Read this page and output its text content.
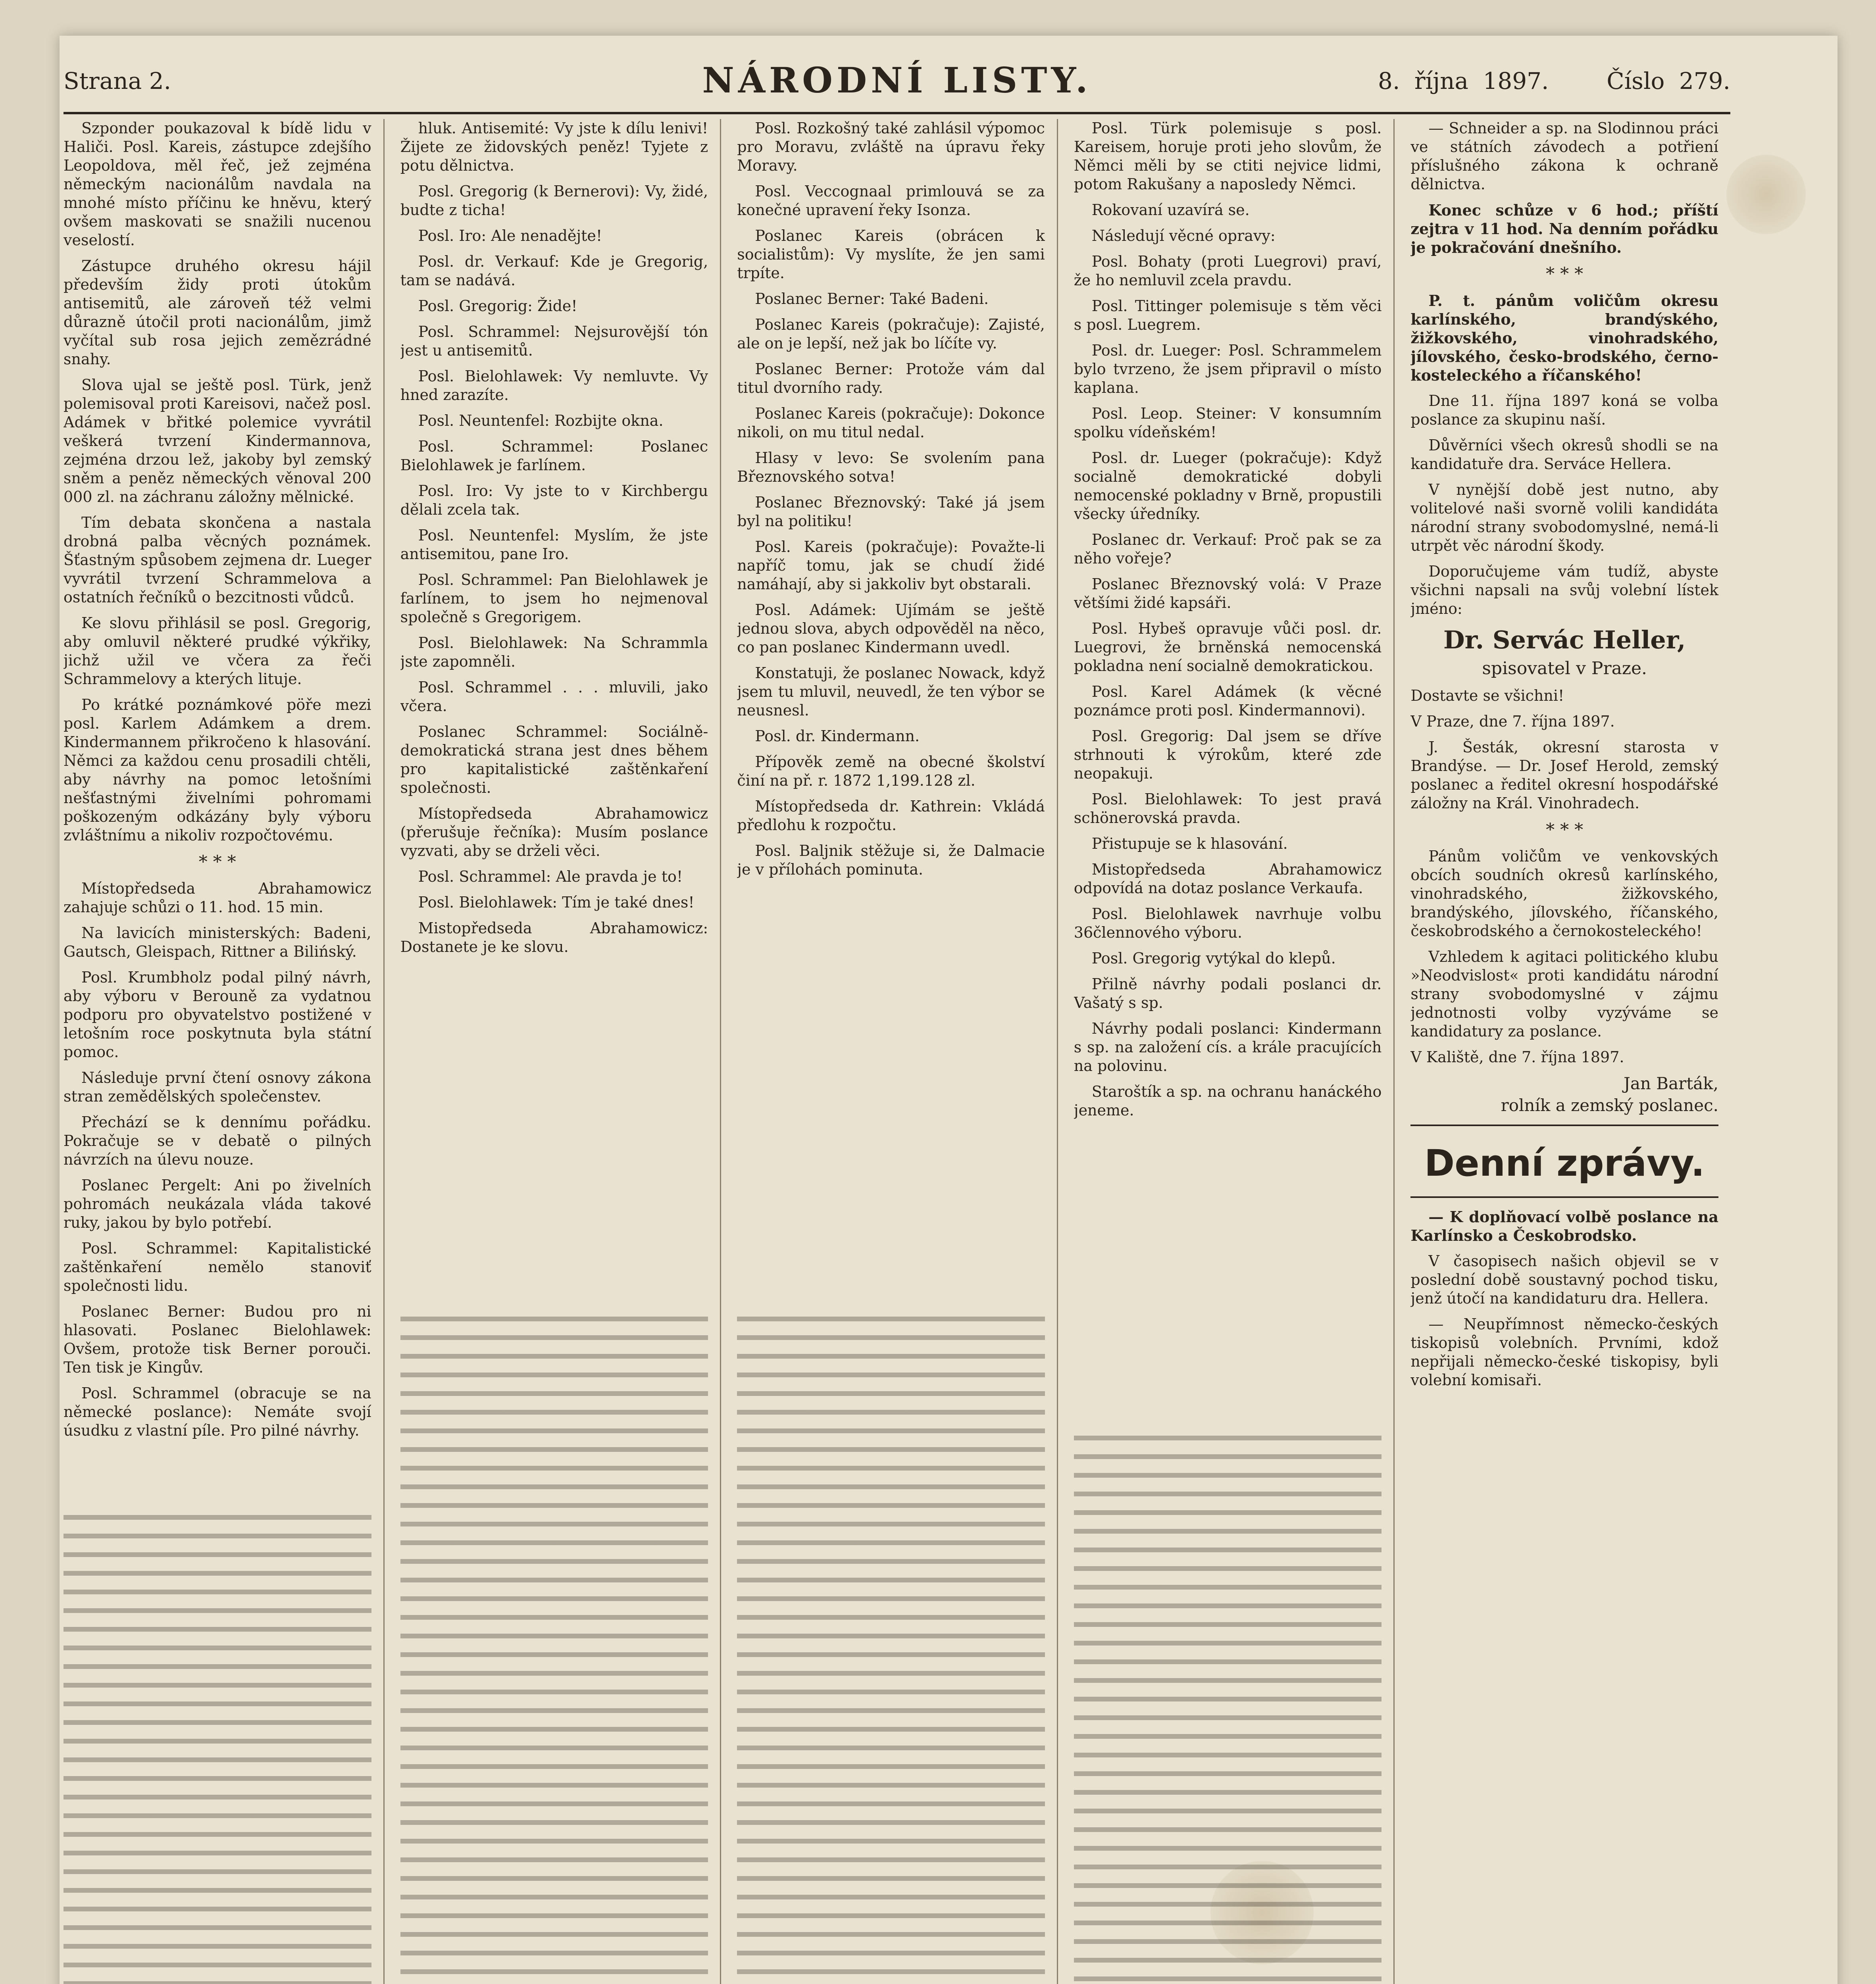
Strana 2.	NÁRODNÍ LISTY.	8. října 1897.	Číslo 279.

Szponder poukazoval k bídě lidu v Haliči. Posl. Kareis, zástupce zdejšího Leopoldova, měl řeč, jež zejména německým nacionálům navdala na mnohé místo příčinu ke hněvu, který ovšem maskovati se snažili nucenou veselostí.

Zástupce druhého okresu hájil především židy proti útokům antisemitů, ale zároveň též velmi důrazně útočil proti nacionálům, jimž vyčítal sub rosa jejich zemězrádné snahy.

Slova ujal se ještě posl. Türk, jenž polemisoval proti Kareisovi, načež posl. Adámek v břitké polemice vyvrátil veškerá tvrzení Kindermannova, zejména drzou lež, jakoby byl zemský sněm a peněz německých věnoval 200 000 zl. na záchranu záložny mělnické.

Tím debata skončena a nastala drobná palba věcných poznámek. Šťastným spůsobem zejmena dr. Lueger vyvrátil tvrzení Schrammelova a ostatních řečníků o bezcitnosti vůdců.

Ke slovu přihlásil se posl. Gregorig, aby omluvil některé prudké výkřiky, jichž užil ve včera za řeči Schrammelovy a kterých lituje.

Po krátké poznámkové pöře mezi posl. Karlem Adámkem a drem. Kindermannem přikročeno k hlasování. Němci za každou cenu prosadili chtěli, aby návrhy na pomoc letošními nešťastnými živelními pohromami poškozeným odkázány byly výboru zvláštnímu a nikoliv rozpočtovému.

* * *

Místopředseda Abrahamowicz zahajuje schůzi o 11. hod. 15 min.

Na lavicích ministerských: Badeni, Gautsch, Gleispach, Rittner a Bilińský.

Posl. Krumbholz podal pilný návrh, aby výboru v Berouně za vydatnou podporu pro obyvatelstvo postižené v letošním roce poskytnuta byla státní pomoc.

Následuje první čtení osnovy zákona stran zemědělských společenstev.

Přechází se k dennímu pořádku. Pokračuje se v debatě o pilných návrzích na úlevu nouze.

Poslanec Pergelt: Ani po živelních pohromách neukázala vláda takové ruky, jakou by bylo potřebí.

Posl. Schrammel: Kapitalistické zaštěnkaření nemělo stanoviť společnosti lidu.

Poslanec Berner: Budou pro ni hlasovati. Poslanec Bielohlawek: Ovšem, protože tisk Berner porouči. Ten tisk je Kingův.

Posl. Schrammel (obracuje se na německé poslance): Nemáte svojí úsudku z vlastní píle. Pro pilné návrhy.

hluk. Antisemité: Vy jste k dílu lenivi! Žijete ze židovských peněz! Tyjete z potu dělnictva.

Posl. Gregorig (k Bernerovi): Vy, židé, budte z ticha!

Posl. Iro: Ale nenadějte!

Posl. dr. Verkauf: Kde je Gregorig, tam se nadává.

Posl. Gregorig: Žide!

Posl. Schrammel: Nejsurovější tón jest u antisemitů.

Posl. Bielohlawek: Vy nemluvte. Vy hned zarazíte.

Posl. Neuntenfel: Rozbijte okna.

Posl. Schrammel: Poslanec Bielohlawek je farlínem.

Posl. Iro: Vy jste to v Kirchbergu dělali zcela tak.

Posl. Neuntenfel: Myslím, že jste antisemitou, pane Iro.

Posl. Schrammel: Pan Bielohlawek je farlínem, to jsem ho nejmenoval společně s Gregorigem.

Posl. Bielohlawek: Na Schrammla jste zapomněli.

Posl. Schrammel . . . mluvili, jako včera.

Poslanec Schrammel: Sociálně-demokratická strana jest dnes během pro kapitalistické zaštěnkaření společnosti.

Místopředseda Abrahamowicz (přerušuje řečníka): Musím poslance vyzvati, aby se drželi věci.

Posl. Schrammel: Ale pravda je to!

Posl. Bielohlawek: Tím je také dnes!

Mistopředseda Abrahamowicz: Dostanete je ke slovu.

Posl. Rozkošný také zahlásil výpomoc pro Moravu, zvláště na úpravu řeky Moravy.

Posl. Veccognaal primlouvá se za konečné upravení řeky Isonza.

Poslanec Kareis (obrácen k socialistům): Vy myslíte, že jen sami trpíte.

Poslanec Berner: Také Badeni.

Poslanec Kareis (pokračuje): Zajisté, ale on je lepší, než jak bo líčíte vy.

Poslanec Berner: Protože vám dal titul dvorního rady.

Poslanec Kareis (pokračuje): Dokonce nikoli, on mu titul nedal.

Hlasy v levo: Se svolením pana Březnovského sotva!

Poslanec Březnovský: Také já jsem byl na politiku!

Posl. Kareis (pokračuje): Považte-li napříč tomu, jak se chudí židé namáhají, aby si jakkoliv byt obstarali.

Posl. Adámek: Ujímám se ještě jednou slova, abych odpověděl na něco, co pan poslanec Kindermann uvedl.

Konstatuji, že poslanec Nowack, když jsem tu mluvil, neuvedl, že ten výbor se neusnesl.

Posl. dr. Kindermann.

Přípověk země na obecné školství činí na př. r. 1872 1,199.128 zl.

Místopředseda dr. Kathrein: Vkládá předlohu k rozpočtu.

Posl. Baljnik stěžuje si, že Dalmacie je v přílohách pominuta.

Posl. Türk polemisuje s posl. Kareisem, horuje proti jeho slovům, že Němci měli by se ctiti nejvice lidmi, potom Rakušany a naposledy Němci.

Rokovaní uzavírá se.

Následují věcné opravy:

Posl. Bohaty (proti Luegrovi) praví, že ho nemluvil zcela pravdu.

Posl. Tittinger polemisuje s těm věci s posl. Luegrem.

Posl. dr. Lueger: Posl. Schrammelem bylo tvrzeno, že jsem připravil o místo kaplana.

Posl. Leop. Steiner: V konsumním spolku vídeňském!

Posl. dr. Lueger (pokračuje): Když socialně demokratické dobyli nemocenské pokladny v Brně, propustili všecky úředníky.

Poslanec dr. Verkauf: Proč pak se za něho vořeje?

Poslanec Březnovský volá: V Praze většími židé kapsáři.

Posl. Hybeš opravuje vůči posl. dr. Luegrovi, že brněnská nemocenská pokladna není socialně demokratickou.

Posl. Karel Adámek (k věcné poznámce proti posl. Kindermannovi).

Posl. Gregorig: Dal jsem se dříve strhnouti k výrokům, které zde neopakuji.

Posl. Bielohlawek: To jest pravá schönerovská pravda.

Přistupuje se k hlasování.

Mistopředseda Abrahamowicz odpovídá na dotaz poslance Verkaufa.

Posl. Bielohlawek navrhuje volbu 36člennového výboru.

Posl. Gregorig vytýkal do klepů.

Přilně návrhy podali poslanci dr. Vašatý s sp.

Návrhy podali poslanci: Kindermann s sp. na založení cís. a krále pracujících na polovinu.

Staroštík a sp. na ochranu hanáckého jeneme.

— Schneider a sp. na Slodinnou práci ve státních závodech a potřiení příslušného zákona k ochraně dělnictva.

Konec schůze v 6 hod.; příští zejtra v 11 hod. Na denním pořádku je pokračování dnešního.

* * *

P. t. pánům voličům okresu karlínského, brandýského, žižkovského, vinohradského, jílovského, česko-brodského, černo-kosteleckého a říčanského!

Dne 11. října 1897 koná se volba poslance za skupinu naší.

Důvěrníci všech okresů shodli se na kandidatuře dra. Serváce Hellera.

V nynější době jest nutno, aby volitelové naši svorně volili kandidáta národní strany svobodomyslné, nemá-li utrpět věc národní škody.

Doporučujeme vám tudíž, abyste všichni napsali na svůj volební lístek jméno:

Dr. Servác Heller,
spisovatel v Praze.

Dostavte se všichni!

V Praze, dne 7. října 1897.

J. Šesták, okresní starosta v Brandýse. — Dr. Josef Herold, zemský poslanec a ředitel okresní hospodářské záložny na Král. Vinohradech.

* * *

Pánům voličům ve venkovských obcích soudních okresů karlínského, vinohradského, žižkovského, brandýského, jílovského, říčanského, českobrodského a černokosteleckého!

Vzhledem k agitaci politického klubu »Neodvislost« proti kandidátu národní strany svobodomyslné v zájmu jednotnosti volby vyzýváme se kandidatury za poslance.

V Kaliště, dne 7. října 1897.

Jan Barták,
rolník a zemský poslanec.
Denní zprávy.

— K doplňovací volbě poslance na Karlínsko a Českobrodsko.

V časopisech našich objevil se v poslední době soustavný pochod tisku, jenž útočí na kandidaturu dra. Hellera.

— Neupřímnost německo-českých tiskopisů volebních. Prvními, kdož nepřijali německo-české tiskopisy, byli volební komisaři.
